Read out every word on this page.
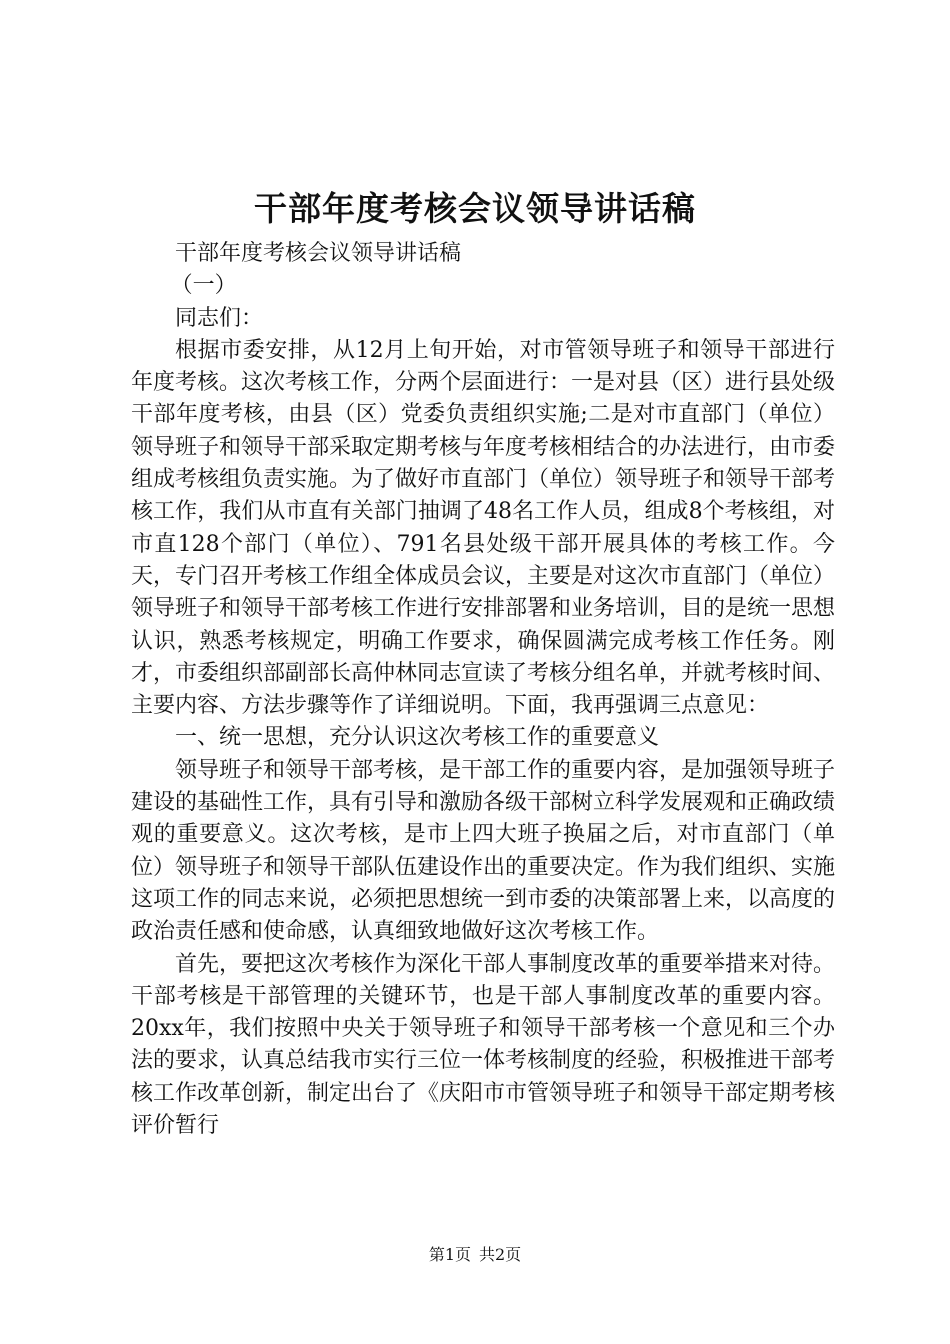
干部年度考核会议领导讲话稿

干部年度考核会议领导讲话稿

（一）

同志们：

根据市委安排，从12月上旬开始，对市管领导班子和领导干部进行年度考核。这次考核工作，分两个层面进行：一是对县（区）进行县处级干部年度考核，由县（区）党委负责组织实施;二是对市直部门（单位）领导班子和领导干部采取定期考核与年度考核相结合的办法进行，由市委组成考核组负责实施。为了做好市直部门（单位）领导班子和领导干部考核工作，我们从市直有关部门抽调了48名工作人员，组成8个考核组，对市直128个部门（单位）、791名县处级干部开展具体的考核工作。今天，专门召开考核工作组全体成员会议，主要是对这次市直部门（单位）领导班子和领导干部考核工作进行安排部署和业务培训，目的是统一思想认识，熟悉考核规定，明确工作要求，确保圆满完成考核工作任务。刚才，市委组织部副部长高仲林同志宣读了考核分组名单，并就考核时间、主要内容、方法步骤等作了详细说明。下面，我再强调三点意见：

一、统一思想，充分认识这次考核工作的重要意义

领导班子和领导干部考核，是干部工作的重要内容，是加强领导班子建设的基础性工作，具有引导和激励各级干部树立科学发展观和正确政绩观的重要意义。这次考核，是市上四大班子换届之后，对市直部门（单位）领导班子和领导干部队伍建设作出的重要决定。作为我们组织、实施这项工作的同志来说，必须把思想统一到市委的决策部署上来，以高度的政治责任感和使命感，认真细致地做好这次考核工作。

首先，要把这次考核作为深化干部人事制度改革的重要举措来对待。干部考核是干部管理的关键环节，也是干部人事制度改革的重要内容。20xx年，我们按照中央关于领导班子和领导干部考核一个意见和三个办法的要求，认真总结我市实行三位一体考核制度的经验，积极推进干部考核工作改革创新，制定出台了《庆阳市市管领导班子和领导干部定期考核评价暂行

第1页 共2页
